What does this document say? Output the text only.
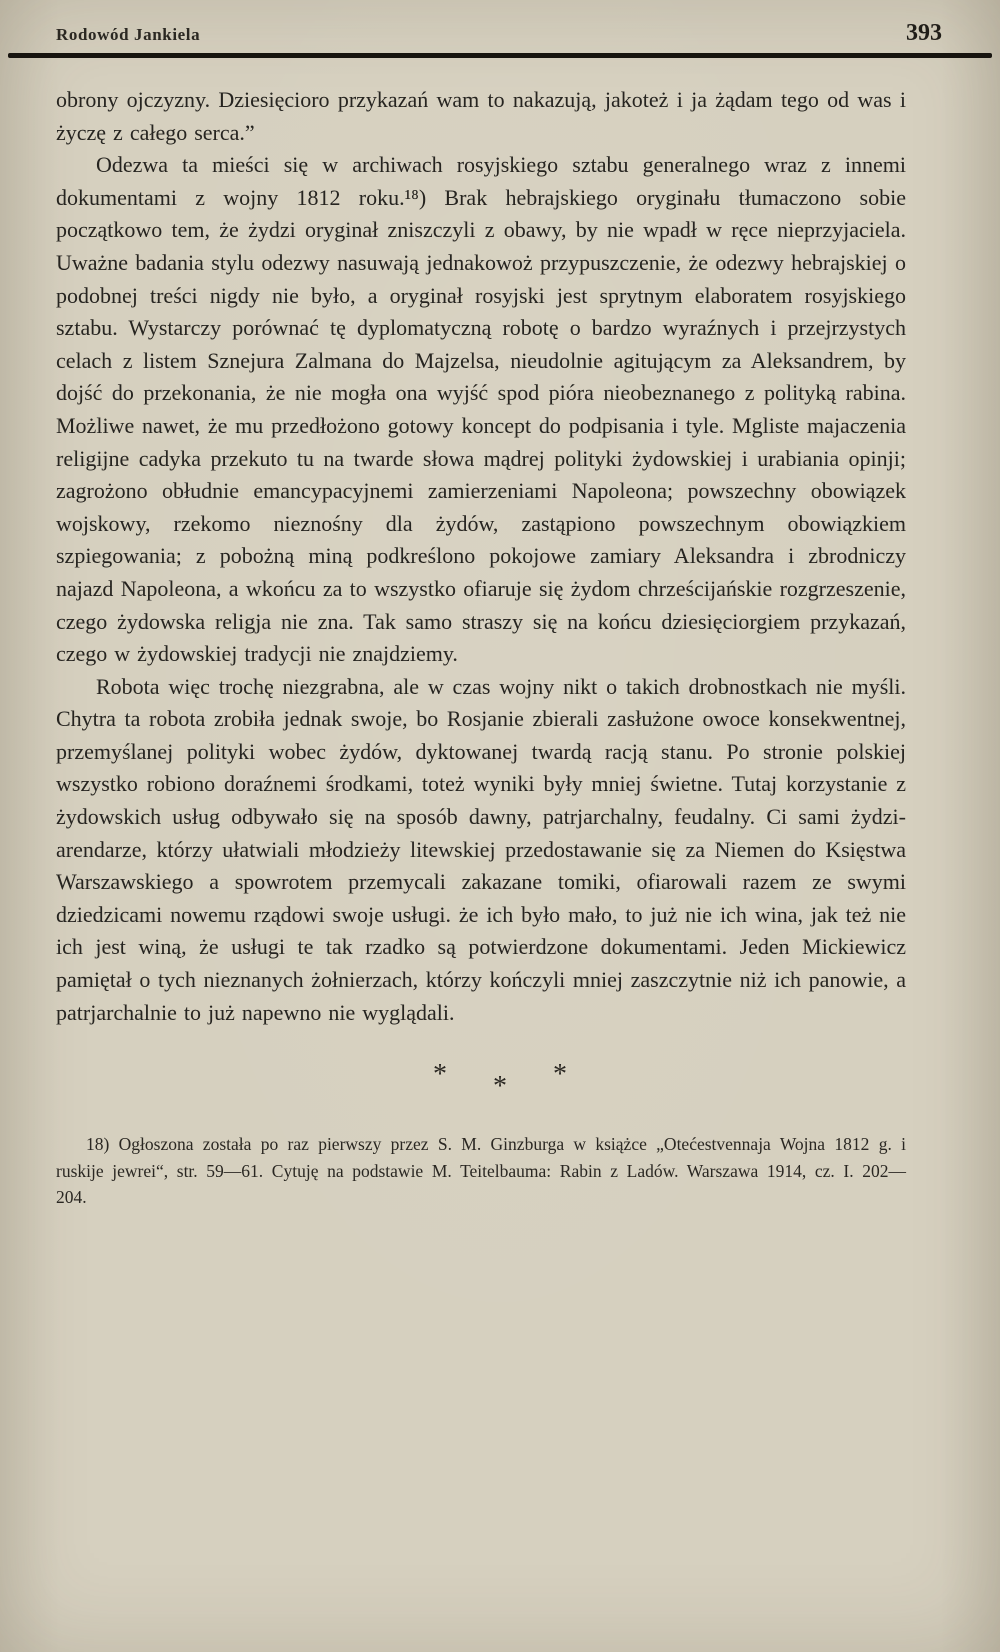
Rodowód Jankiela	393

obrony ojczyzny. Dziesięcioro przykazań wam to nakazują, jakoteż i ja żądam tego od was i życzę z całego serca.”

Odezwa ta mieści się w archiwach rosyjskiego sztabu generalnego wraz z innemi dokumentami z wojny 1812 roku.¹⁸) Brak hebrajskiego oryginału tłumaczono sobie początkowo tem, że żydzi oryginał zniszczyli z obawy, by nie wpadł w ręce nieprzyjaciela. Uważne badania stylu odezwy nasuwają jednakowoż przypuszczenie, że odezwy hebrajskiej o podobnej treści nigdy nie było, a oryginał rosyjski jest sprytnym elaboratem rosyjskiego sztabu. Wystarczy porównać tę dyplomatyczną robotę o bardzo wyraźnych i przejrzystych celach z listem Sznejura Zalmana do Majzelsa, nieudolnie agitującym za Aleksandrem, by dojść do przekonania, że nie mogła ona wyjść spod pióra nieobeznanego z polityką rabina. Możliwe nawet, że mu przedłożono gotowy koncept do podpisania i tyle. Mgliste majaczenia religijne cadyka przekuto tu na twarde słowa mądrej polityki żydowskiej i urabiania opinji; zagrożono obłudnie emancypacyjnemi zamierzeniami Napoleona; powszechny obowiązek wojskowy, rzekomo nieznośny dla żydów, zastąpiono powszechnym obowiązkiem szpiegowania; z pobożną miną podkreślono pokojowe zamiary Aleksandra i zbrodniczy najazd Napoleona, a wkońcu za to wszystko ofiaruje się żydom chrześcijańskie rozgrzeszenie, czego żydowska religja nie zna. Tak samo straszy się na końcu dziesięciorgiem przykazań, czego w żydowskiej tradycji nie znajdziemy.

Robota więc trochę niezgrabna, ale w czas wojny nikt o takich drobnostkach nie myśli. Chytra ta robota zrobiła jednak swoje, bo Rosjanie zbierali zasłużone owoce konsekwentnej, przemyślanej polityki wobec żydów, dyktowanej twardą racją stanu. Po stronie polskiej wszystko robiono doraźnemi środkami, toteż wyniki były mniej świetne. Tutaj korzystanie z żydowskich usług odbywało się na sposób dawny, patrjarchalny, feudalny. Ci sami żydzi-arendarze, którzy ułatwiali młodzieży litewskiej przedostawanie się za Niemen do Księstwa Warszawskiego a spowrotem przemycali zakazane tomiki, ofiarowali razem ze swymi dziedzicami nowemu rządowi swoje usługi. że ich było mało, to już nie ich wina, jak też nie ich jest winą, że usługi te tak rzadko są potwierdzone dokumentami. Jeden Mickiewicz pamiętał o tych nieznanych żołnierzach, którzy kończyli mniej zaszczytnie niż ich panowie, a patrjarchalnie to już napewno nie wyglądali.

* * *
18) Ogłoszona została po raz pierwszy przez S. M. Ginzburga w książce „Otećestvennaja Wojna 1812 g. i ruskije jewrei“, str. 59—61. Cytuję na podstawie M. Teitelbauma: Rabin z Ladów. Warszawa 1914, cz. I. 202—204.
